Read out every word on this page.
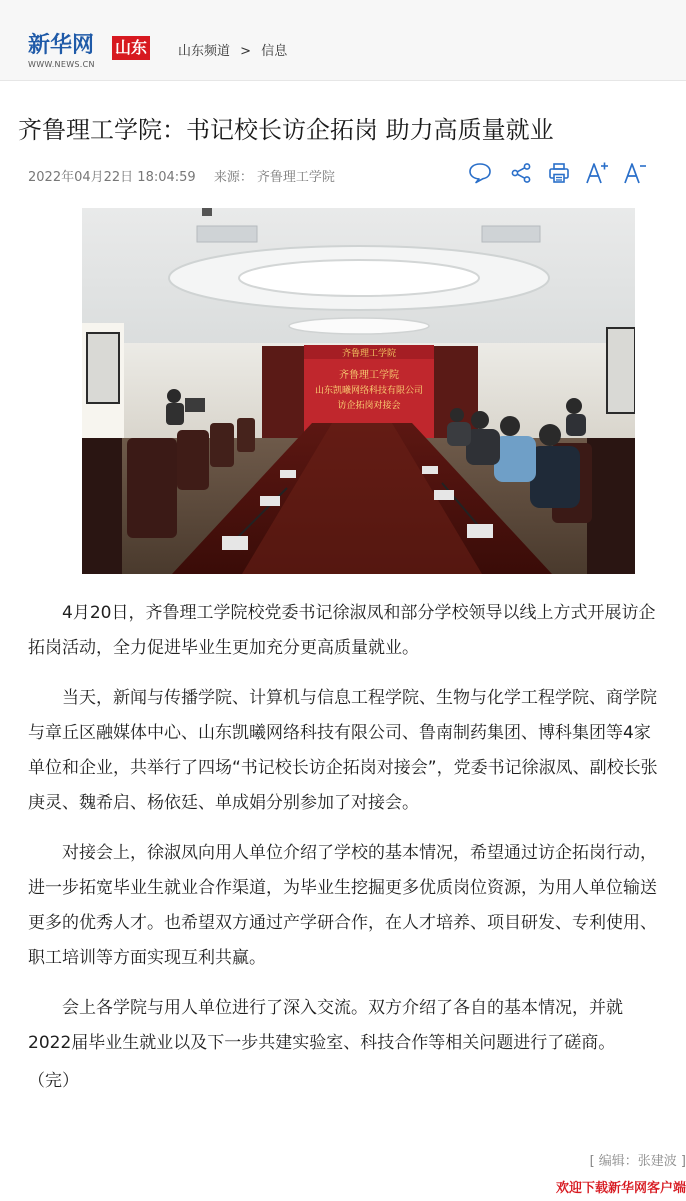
新华网 山东
WWW.NEWS.CN
山东频道 > 信息
齐鲁理工学院：书记校长访企拓岗 助力高质量就业
2022年04月22日 18:04:59 来源： 齐鲁理工学院
齐鲁理工学院
齐鲁理工学院
山东凯曦网络科技有限公司
访企拓岗对接会

4月20日，齐鲁理工学院校党委书记徐淑凤和部分学校领导以线上方式开展访企拓岗活动，全力促进毕业生更加充分更高质量就业。

当天，新闻与传播学院、计算机与信息工程学院、生物与化学工程学院、商学院与章丘区融媒体中心、山东凯曦网络科技有限公司、鲁南制药集团、博科集团等4家单位和企业，共举行了四场“书记校长访企拓岗对接会”，党委书记徐淑凤、副校长张庚灵、魏希启、杨依廷、单成娟分别参加了对接会。

对接会上，徐淑凤向用人单位介绍了学校的基本情况，希望通过访企拓岗行动，进一步拓宽毕业生就业合作渠道，为毕业生挖掘更多优质岗位资源，为用人单位输送更多的优秀人才。也希望双方通过产学研合作，在人才培养、项目研发、专利使用、职工培训等方面实现互利共赢。

会上各学院与用人单位进行了深入交流。双方介绍了各自的基本情况，并就2022届毕业生就业以及下一步共建实验室、科技合作等相关问题进行了磋商。

（完）

[ 编辑：张建波 ]
欢迎下载新华网客户端
